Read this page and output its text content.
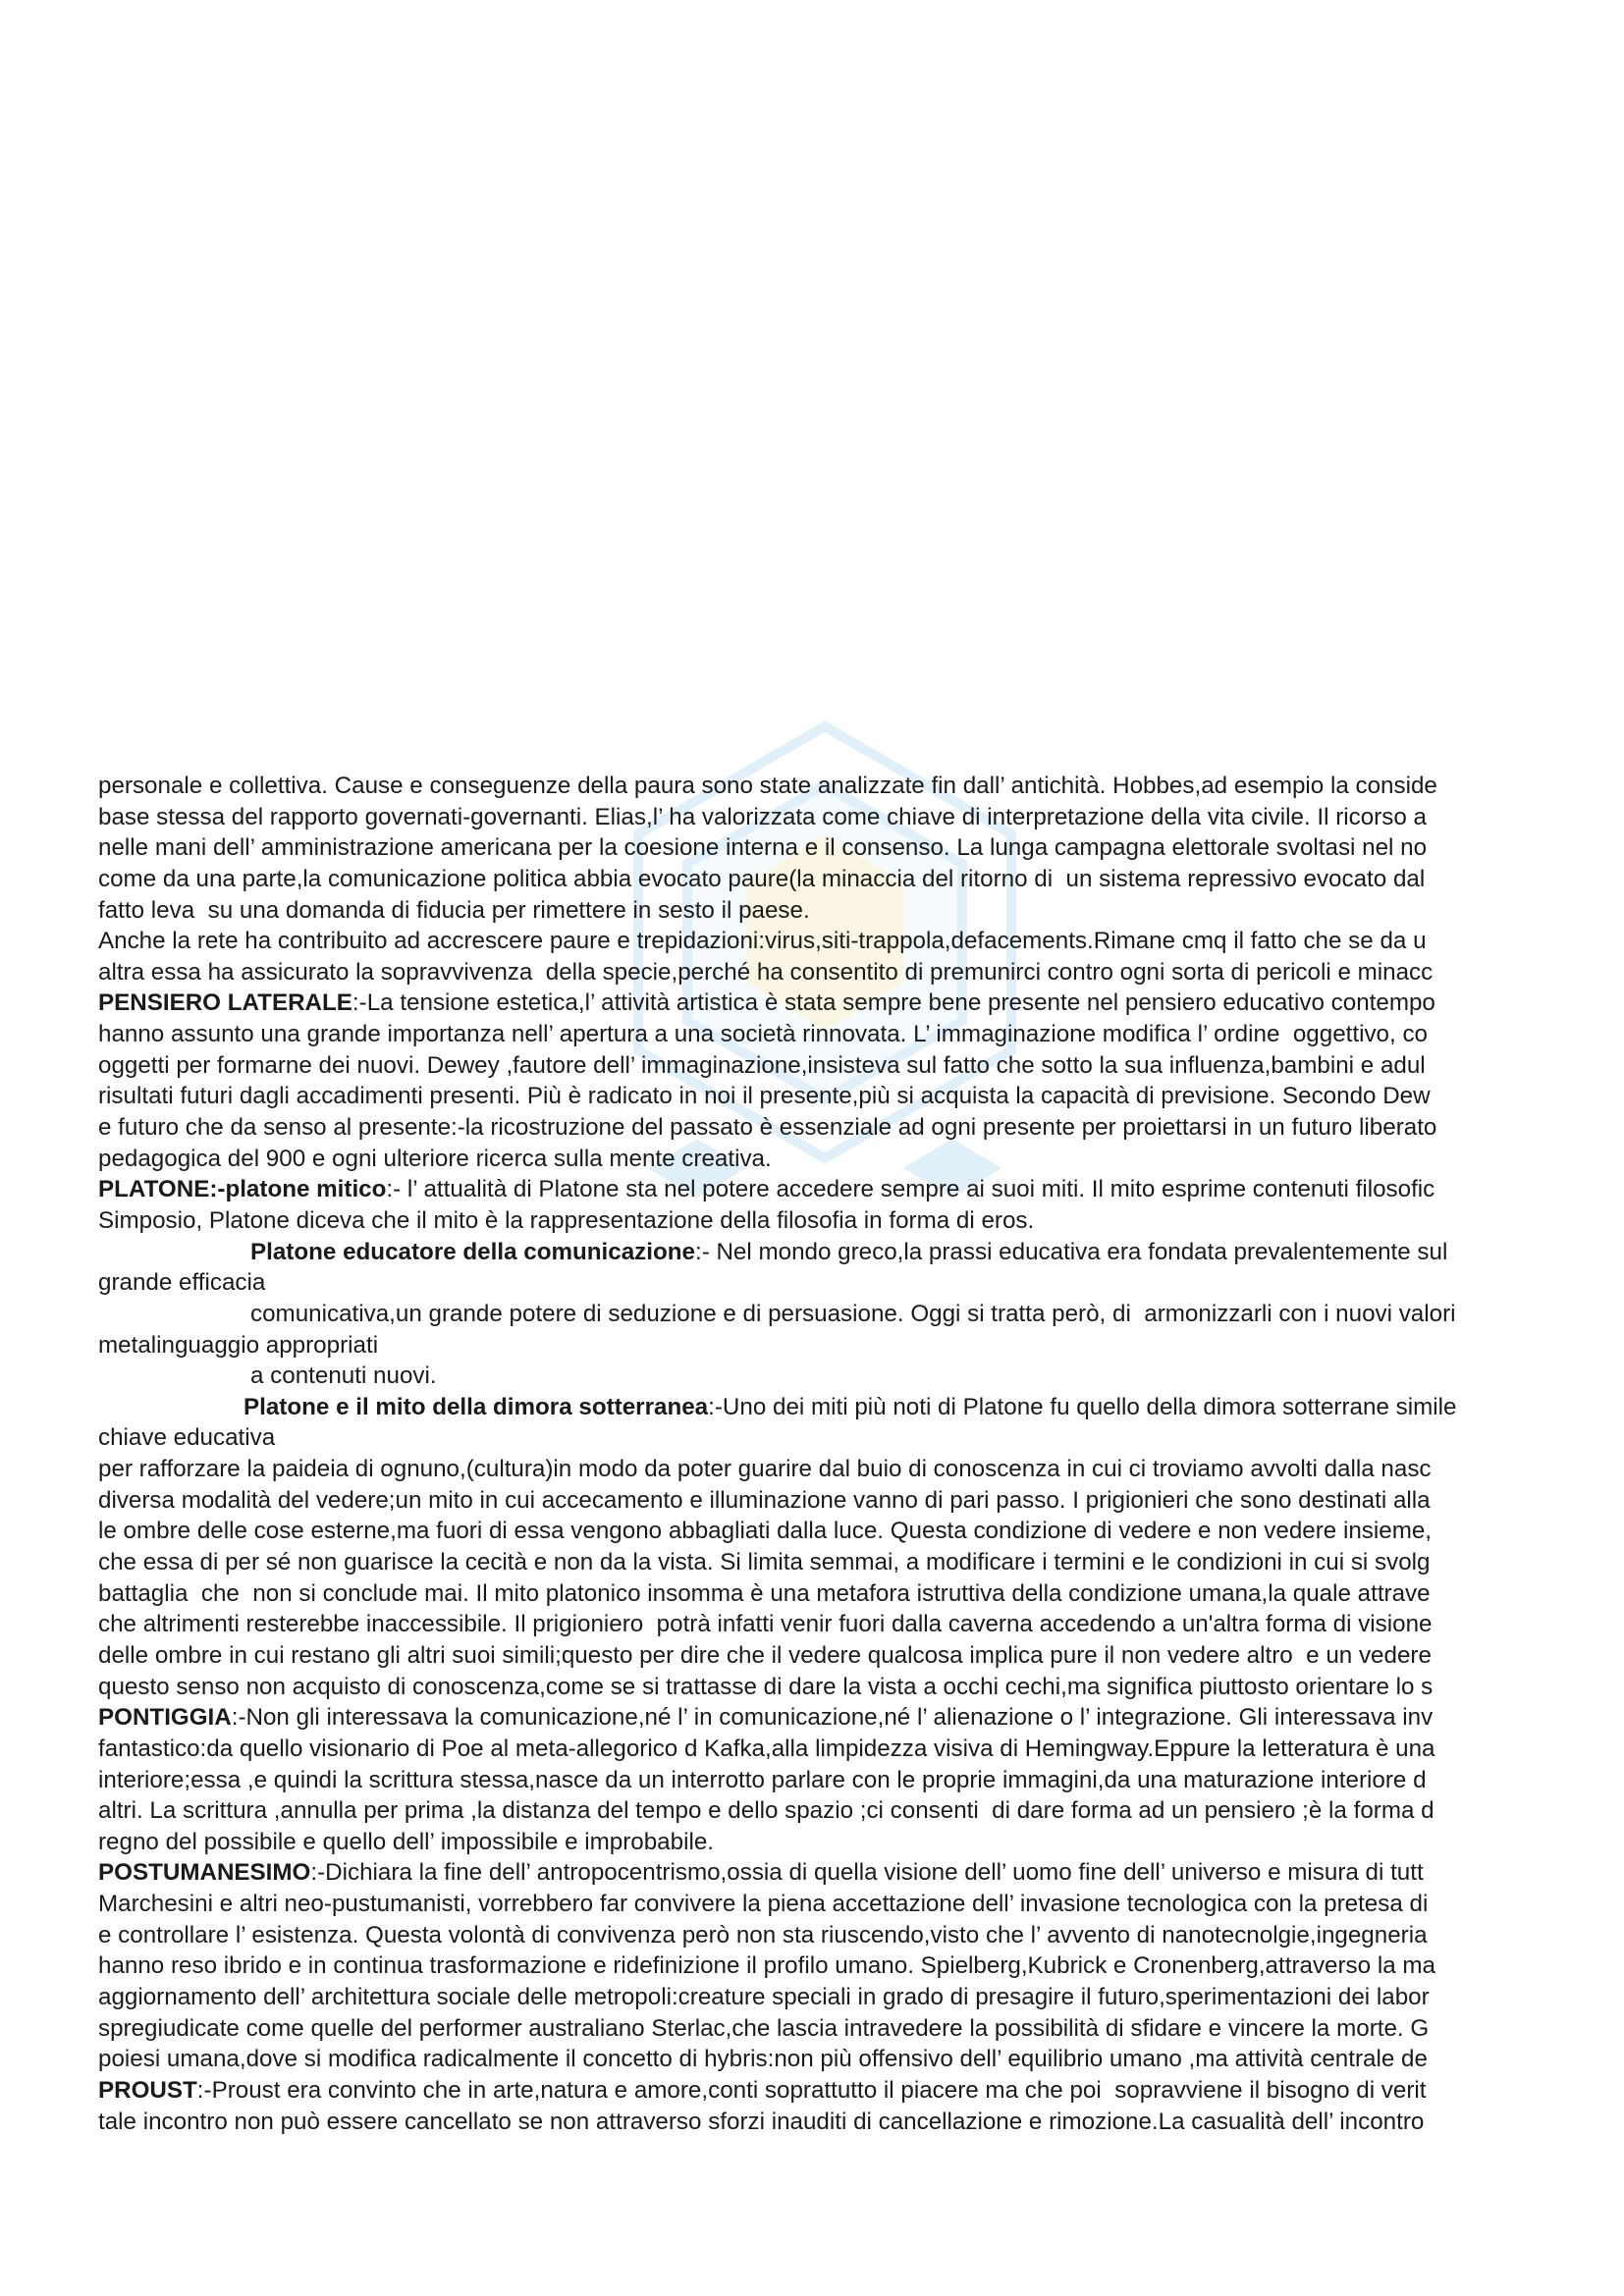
personale e collettiva. Cause e conseguenze della paura sono state analizzate fin dall’ antichità. Hobbes,ad esempio la conside
base stessa del rapporto governati-governanti. Elias,l’ ha valorizzata come chiave di interpretazione della vita civile. Il ricorso a
nelle mani dell’ amministrazione americana per la coesione interna e il consenso. La lunga campagna elettorale svoltasi nel no
come da una parte,la comunicazione politica abbia evocato paure(la minaccia del ritorno di  un sistema repressivo evocato dal
fatto leva  su una domanda di fiducia per rimettere in sesto il paese.
Anche la rete ha contribuito ad accrescere paure e trepidazioni:virus,siti-trappola,defacements.Rimane cmq il fatto che se da u
altra essa ha assicurato la sopravvivenza  della specie,perché ha consentito di premunirci contro ogni sorta di pericoli e minacc
PENSIERO LATERALE:-La tensione estetica,l’ attività artistica è stata sempre bene presente nel pensiero educativo contempo
hanno assunto una grande importanza nell’ apertura a una società rinnovata. L’ immaginazione modifica l’ ordine  oggettivo, co
oggetti per formarne dei nuovi. Dewey ,fautore dell’ immaginazione,insisteva sul fatto che sotto la sua influenza,bambini e adul
risultati futuri dagli accadimenti presenti. Più è radicato in noi il presente,più si acquista la capacità di previsione. Secondo Dew
e futuro che da senso al presente:-la ricostruzione del passato è essenziale ad ogni presente per proiettarsi in un futuro liberato
pedagogica del 900 e ogni ulteriore ricerca sulla mente creativa.
PLATONE:-platone mitico:- l’ attualità di Platone sta nel potere accedere sempre ai suoi miti. Il mito esprime contenuti filosofic
Simposio, Platone diceva che il mito è la rappresentazione della filosofia in forma di eros.
Platone educatore della comunicazione:- Nel mondo greco,la prassi educativa era fondata prevalentemente sul
grande efficacia
comunicativa,un grande potere di seduzione e di persuasione. Oggi si tratta però, di  armonizzarli con i nuovi valori
metalinguaggio appropriati
a contenuti nuovi.
Platone e il mito della dimora sotterranea:-Uno dei miti più noti di Platone fu quello della dimora sotterrane simile
chiave educativa
per rafforzare la paideia di ognuno,(cultura)in modo da poter guarire dal buio di conoscenza in cui ci troviamo avvolti dalla nasc
diversa modalità del vedere;un mito in cui accecamento e illuminazione vanno di pari passo. I prigionieri che sono destinati alla
le ombre delle cose esterne,ma fuori di essa vengono abbagliati dalla luce. Questa condizione di vedere e non vedere insieme,
che essa di per sé non guarisce la cecità e non da la vista. Si limita semmai, a modificare i termini e le condizioni in cui si svolg
battaglia  che  non si conclude mai. Il mito platonico insomma è una metafora istruttiva della condizione umana,la quale attrave
che altrimenti resterebbe inaccessibile. Il prigioniero  potrà infatti venir fuori dalla caverna accedendo a un'altra forma di visione
delle ombre in cui restano gli altri suoi simili;questo per dire che il vedere qualcosa implica pure il non vedere altro  e un vedere
questo senso non acquisto di conoscenza,come se si trattasse di dare la vista a occhi cechi,ma significa piuttosto orientare lo s
PONTIGGIA:-Non gli interessava la comunicazione,né l’ in comunicazione,né l’ alienazione o l’ integrazione. Gli interessava inv
fantastico:da quello visionario di Poe al meta-allegorico d Kafka,alla limpidezza visiva di Hemingway.Eppure la letteratura è una
interiore;essa ,e quindi la scrittura stessa,nasce da un interrotto parlare con le proprie immagini,da una maturazione interiore d
altri. La scrittura ,annulla per prima ,la distanza del tempo e dello spazio ;ci consenti  di dare forma ad un pensiero ;è la forma d
regno del possibile e quello dell’ impossibile e improbabile.
POSTUMANESIMO:-Dichiara la fine dell’ antropocentrismo,ossia di quella visione dell’ uomo fine dell’ universo e misura di tutt
Marchesini e altri neo-pustumanisti, vorrebbero far convivere la piena accettazione dell’ invasione tecnologica con la pretesa di
e controllare l’ esistenza. Questa volontà di convivenza però non sta riuscendo,visto che l’ avvento di nanotecnolgie,ingegneria
hanno reso ibrido e in continua trasformazione e ridefinizione il profilo umano. Spielberg,Kubrick e Cronenberg,attraverso la ma
aggiornamento dell’ architettura sociale delle metropoli:creature speciali in grado di presagire il futuro,sperimentazioni dei labor
spregiudicate come quelle del performer australiano Sterlac,che lascia intravedere la possibilità di sfidare e vincere la morte. G
poiesi umana,dove si modifica radicalmente il concetto di hybris:non più offensivo dell’ equilibrio umano ,ma attività centrale de
PROUST:-Proust era convinto che in arte,natura e amore,conti soprattutto il piacere ma che poi  sopravviene il bisogno di verit
tale incontro non può essere cancellato se non attraverso sforzi inauditi di cancellazione e rimozione.La casualità dell’ incontro
